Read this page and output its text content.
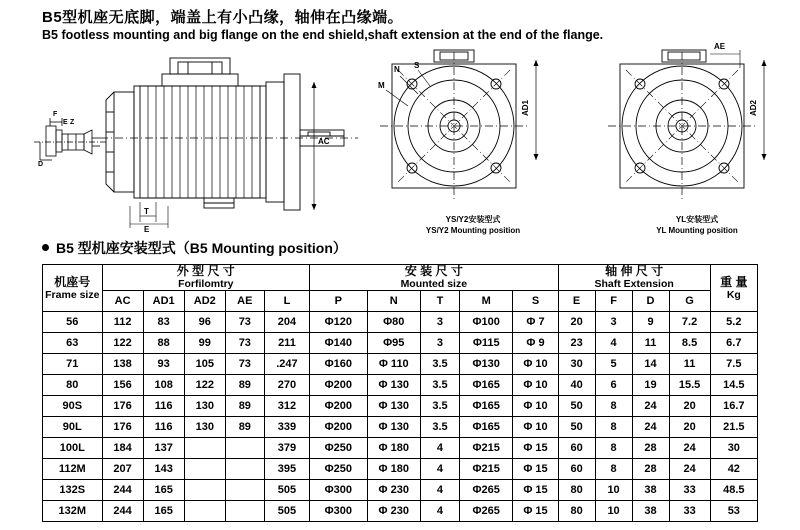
B5型机座无底脚，端盖上有小凸缘，轴伸在凸缘端。
B5 footless mounting and big flange on the end shield,shaft extension at the end of the flange.
F
E
D
Z
AC
T
E
M
N S
AD1
AE
AD2
YS/Y2安装型式
YS/Y2 Mounting position
YL安装型式
YL Mounting position
B5 型机座安装型式（B5 Mounting position）
机座号
Frame size	外 型 尺 寸
Forfilomtry					安 装 尺 寸
Mounted size					轴 伸 尺 寸
Shaft Extension				重 量
Kg

	AC	AD1	AD2	AE	L	P	N	T	M	S	E	F	D	G	
56	112	83	96	73	204	Φ120	Φ80	3	Φ100	Φ 7	20	3	9	7.2	5.2
63	122	88	99	73	211	Φ140	Φ95	3	Φ115	Φ 9	23	4	11	8.5	6.7
71	138	93	105	73	.247	Φ160	Φ 110	3.5	Φ130	Φ 10	30	5	14	11	7.5
80	156	108	122	89	270	Φ200	Φ 130	3.5	Φ165	Φ 10	40	6	19	15.5	14.5
90S	176	116	130	89	312	Φ200	Φ 130	3.5	Φ165	Φ 10	50	8	24	20	16.7
90L	176	116	130	89	339	Φ200	Φ 130	3.5	Φ165	Φ 10	50	8	24	20	21.5
100L	184	137			379	Φ250	Φ 180	4	Φ215	Φ 15	60	8	28	24	30
112M	207	143			395	Φ250	Φ 180	4	Φ215	Φ 15	60	8	28	24	42
132S	244	165			505	Φ300	Φ 230	4	Φ265	Φ 15	80	10	38	33	48.5
132M	244	165			505	Φ300	Φ 230	4	Φ265	Φ 15	80	10	38	33	53
